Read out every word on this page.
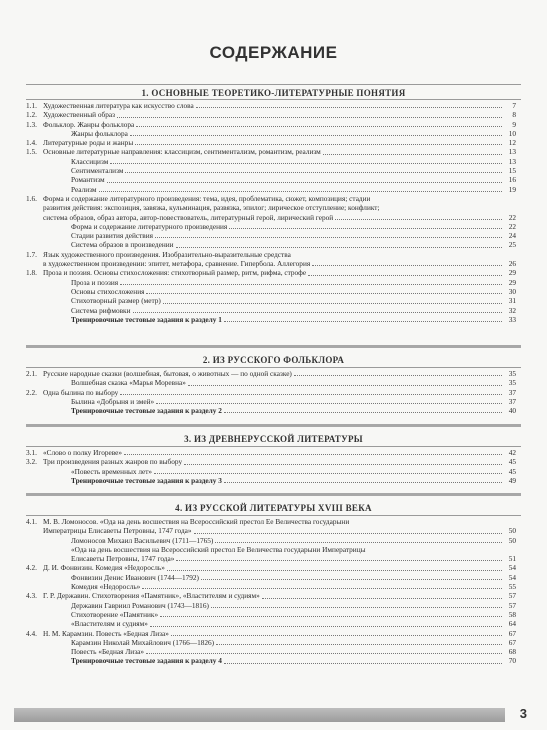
СОДЕРЖАНИЕ
1. ОСНОВНЫЕ ТЕОРЕТИКО-ЛИТЕРАТУРНЫЕ ПОНЯТИЯ
1.1. Художественная литература как искусство слова	7
1.2. Художественный образ	8
1.3. Фольклор. Жанры фольклора	9
Жанры фольклора	10
1.4. Литературные роды и жанры	12
1.5. Основные литературные направления: классицизм, сентиментализм, романтизм, реализм	13
Классицизм	13
Сентиментализм	15
Романтизм	16
Реализм	19
1.6. Форма и содержание литературного произведения: тема, идея, проблематика, сюжет, композиция; стадии
развития действия: экспозиция, завязка, кульминация, развязка, эпилог; лирическое отступление; конфликт;
система образов, образ автора, автор-повествователь, литературный герой, лирический герой	22
Форма и содержание литературного произведения	22
Стадии развития действия	24
Система образов в произведении	25
1.7. Язык художественного произведения. Изобразительно-выразительные средства
в художественном произведении: эпитет, метафора, сравнение. Гипербола. Аллегория	26
1.8. Проза и поэзия. Основы стихосложения: стихотворный размер, ритм, рифма, строфе	29
Проза и поэзия	29
Основы стихосложения	30
Стихотворный размер (метр)	31
Система рифмовки	32
Тренировочные тестовые задания к разделу 1	33
2. ИЗ РУССКОГО ФОЛЬКЛОРА
2.1. Русские народные сказки (волшебная, бытовая, о животных — по одной сказке)	35
Волшебная сказка «Марья Моревна»	35
2.2. Одна былина по выбору	37
Былина «Добрыня и змей»	37
Тренировочные тестовые задания к разделу 2	40
3. ИЗ ДРЕВНЕРУССКОЙ ЛИТЕРАТУРЫ
3.1. «Слово о полку Игореве»	42
3.2. Три произведения разных жанров по выбору	45
«Повесть временных лет»	45
Тренировочные тестовые задания к разделу 3	49
4. ИЗ РУССКОЙ ЛИТЕРАТУРЫ XVIII ВЕКА
4.1. М. В. Ломоносов. «Ода на день восшествия на Всероссийский престол Ее Величества государыни
Императрицы Елисаветы Петровны, 1747 года»	50
Ломоносов Михаил Васильевич (1711—1765)	50
«Ода на день восшествия на Всероссийский престол Ее Величества государыни Императрицы
Елисаветы Петровны, 1747 года»	51
4.2. Д. И. Фонвизин. Комедия «Недоросль»	54
Фонвизин Денис Иванович (1744—1792)	54
Комедия «Недоросль»	55
4.3. Г. Р. Державин. Стихотворения «Памятник», «Властителям и судиям»	57
Державин Гавриил Романович (1743—1816)	57
Стихотворение «Памятник»	58
«Властителям и судиям»	64
4.4. Н. М. Карамзин. Повесть «Бедная Лиза»	67
Карамзин Николай Михайлович (1766—1826)	67
Повесть «Бедная Лиза»	68
Тренировочные тестовые задания к разделу 4	70
3
